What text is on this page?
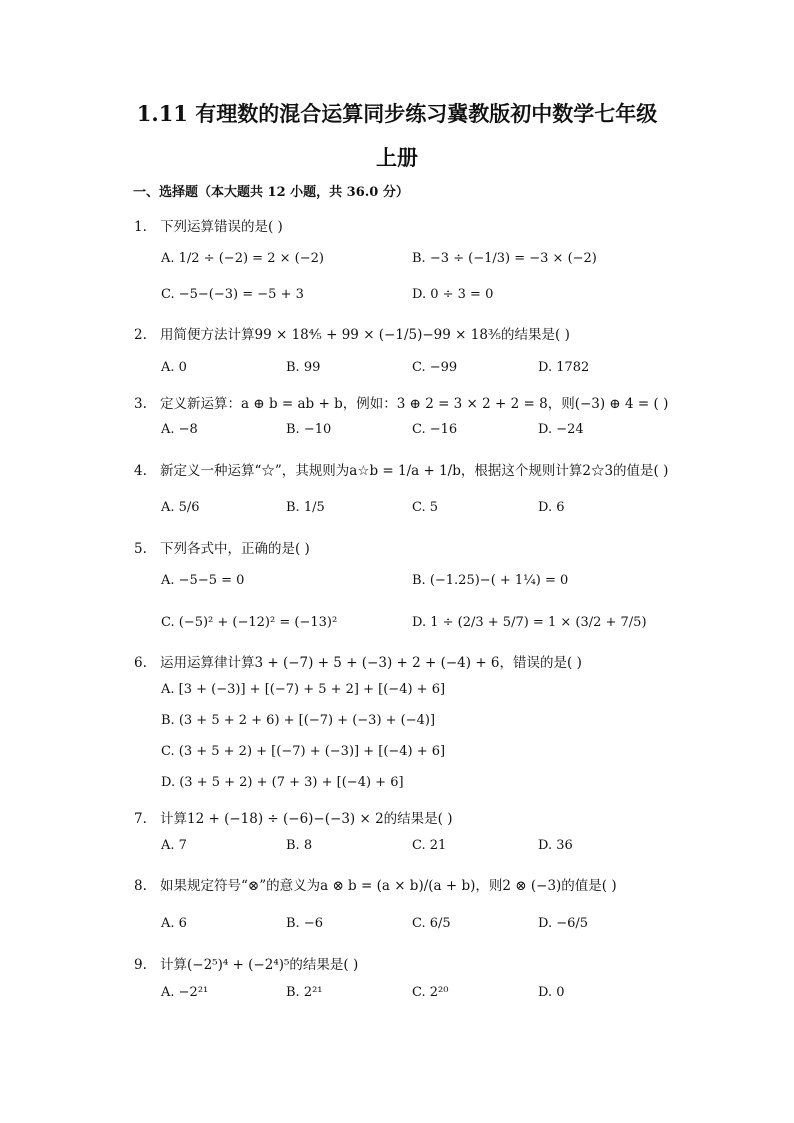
1.11 有理数的混合运算同步练习冀教版初中数学七年级
上册
一、选择题（本大题共 12 小题，共 36.0 分）
1. 下列运算错误的是( )
A. 1/2 ÷ (−2) = 2 × (−2)	B. −3 ÷ (−1/3) = −3 × (−2)
C. −5−(−3) = −5 + 3	D. 0 ÷ 3 = 0
2. 用简便方法计算99 × 18⁴⁄₅ + 99 × (−1/5)−99 × 18³⁄₅的结果是( )
A. 0	B. 99	C. −99	D. 1782
3. 定义新运算：a ⊕ b = ab + b，例如：3 ⊕ 2 = 3 × 2 + 2 = 8，则(−3) ⊕ 4 = ( )
A. −8	B. −10	C. −16	D. −24
4. 新定义一种运算“☆”，其规则为a☆b = 1/a + 1/b，根据这个规则计算2☆3的值是( )
A. 5/6	B. 1/5	C. 5	D. 6
5. 下列各式中，正确的是( )
A. −5−5 = 0	B. (−1.25)−( + 1¼) = 0
C. (−5)² + (−12)² = (−13)²	D. 1 ÷ (2/3 + 5/7) = 1 × (3/2 + 7/5)
6. 运用运算律计算3 + (−7) + 5 + (−3) + 2 + (−4) + 6，错误的是( )
A. [3 + (−3)] + [(−7) + 5 + 2] + [(−4) + 6]
B. (3 + 5 + 2 + 6) + [(−7) + (−3) + (−4)]
C. (3 + 5 + 2) + [(−7) + (−3)] + [(−4) + 6]
D. (3 + 5 + 2) + (7 + 3) + [(−4) + 6]
7. 计算12 + (−18) ÷ (−6)−(−3) × 2的结果是( )
A. 7	B. 8	C. 21	D. 36
8. 如果规定符号“⊗”的意义为a ⊗ b = (a × b)/(a + b)，则2 ⊗ (−3)的值是( )
A. 6	B. −6	C. 6/5	D. −6/5
9. 计算(−2⁵)⁴ + (−2⁴)⁵的结果是( )
A. −2²¹	B. 2²¹	C. 2²⁰	D. 0
